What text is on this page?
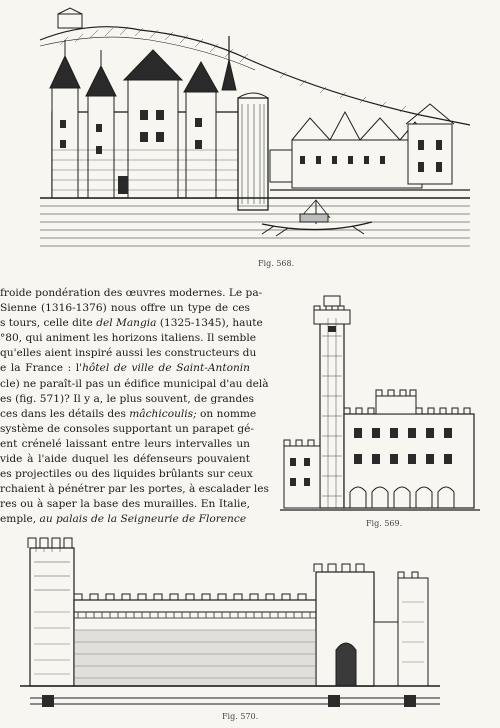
Fig. 568.
froide pondération des œuvres modernes. Le pa-
Sienne (1316-1376) nous offre un type de ces
s tours, celle dite del Mangia (1325-1345), haute
°80, qui animent les horizons italiens. Il semble
qu'elles aient inspiré aussi les constructeurs du
e la France : l'hôtel de ville de Saint-Antonin
cle) ne paraît-il pas un édifice municipal d'au delà
es (fig. 571)? Il y a, le plus souvent, de grandes
ces dans les détails des mâchicoulis; on nomme
système de consoles supportant un parapet gé-
ent crénelé laissant entre leurs intervalles un
vide à l'aide duquel les défenseurs pouvaient
es projectiles ou des liquides brûlants sur ceux
rchaient à pénétrer par les portes, à escalader les
res ou à saper la base des murailles. En Italie,
emple, au palais de la Seigneurie de Florence	Fig. 569.
Fig. 570.
